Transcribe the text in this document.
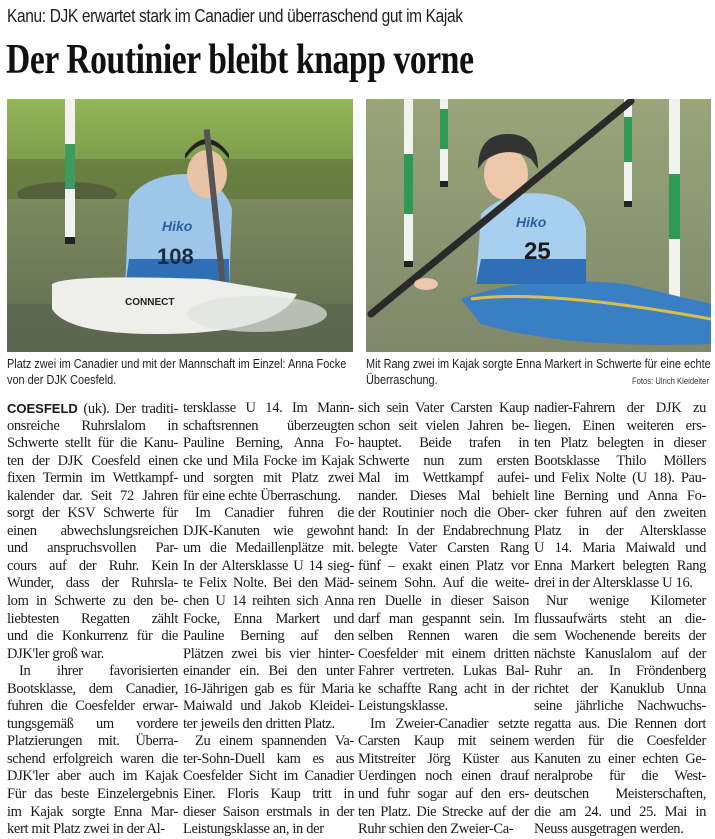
Kanu: DJK erwartet stark im Canadier und überraschend gut im Kajak
Der Routinier bleibt knapp vorne
108
Hiko
CONNECT
Hiko
25
Platz zwei im Canadier und mit der Mannschaft im Einzel: Anna Focke
von der DJK Coesfeld.
Mit Rang zwei im Kajak sorgte Enna Markert in Schwerte für eine echte
Überraschung.	Fotos: Ulrich Kleideiter
COESFELD (uk). Der traditi-
onsreiche Ruhrslalom in
Schwerte stellt für die Kanu-
ten der DJK Coesfeld einen
fixen Termin im Wettkampf-
kalender dar. Seit 72 Jahren
sorgt der KSV Schwerte für
einen abwechslungsreichen
und anspruchsvollen Par-
cours auf der Ruhr. Kein
Wunder, dass der Ruhrsla-
lom in Schwerte zu den be-
liebtesten Regatten zählt
und die Konkurrenz für die
DJK'ler groß war.
In ihrer favorisierten
Bootsklasse, dem Canadier,
fuhren die Coesfelder erwar-
tungsgemäß um vordere
Platzierungen mit. Überra-
schend erfolgreich waren die
DJK'ler aber auch im Kajak
Für das beste Einzelergebnis
im Kajak sorgte Enna Mar-
kert mit Platz zwei in der Al-
tersklasse U 14. Im Mann-
schaftsrennen überzeugten
Pauline Berning, Anna Fo-
cke und Mila Focke im Kajak
und sorgten mit Platz zwei
für eine echte Überraschung.
Im Canadier fuhren die
DJK-Kanuten wie gewohnt
um die Medaillenplätze mit.
In der Altersklasse U 14 sieg-
te Felix Nolte. Bei den Mäd-
chen U 14 reihten sich Anna
Focke, Enna Markert und
Pauline Berning auf den
Plätzen zwei bis vier hinter-
einander ein. Bei den unter
16-Jährigen gab es für Maria
Maiwald und Jakob Kleidei-
ter jeweils den dritten Platz.
Zu einem spannenden Va-
ter-Sohn-Duell kam es aus
Coesfelder Sicht im Canadier
Einer. Floris Kaup tritt in
dieser Saison erstmals in der
Leistungsklasse an, in der
sich sein Vater Carsten Kaup
schon seit vielen Jahren be-
hauptet. Beide trafen in
Schwerte nun zum ersten
Mal im Wettkampf aufei-
nander. Dieses Mal behielt
der Routinier noch die Ober-
hand: In der Endabrechnung
belegte Vater Carsten Rang
fünf – exakt einen Platz vor
seinem Sohn. Auf die weite-
ren Duelle in dieser Saison
darf man gespannt sein. Im
selben Rennen waren die
Coesfelder mit einem dritten
Fahrer vertreten. Lukas Bal-
ke schaffte Rang acht in der
Leistungsklasse.
Im Zweier-Canadier setzte
Carsten Kaup mit seinem
Mitstreiter Jörg Küster aus
Uerdingen noch einen drauf
und fuhr sogar auf den ers-
ten Platz. Die Strecke auf der
Ruhr schien den Zweier-Ca-
nadier-Fahrern der DJK zu
liegen. Einen weiteren ers-
ten Platz belegten in dieser
Bootsklasse Thilo Möllers
und Felix Nolte (U 18). Pau-
line Berning und Anna Fo-
cker fuhren auf den zweiten
Platz in der Altersklasse
U 14. Maria Maiwald und
Enna Markert belegten Rang
drei in der Altersklasse U 16.
Nur wenige Kilometer
flussaufwärts steht an die-
sem Wochenende bereits der
nächste Kanuslalom auf der
Ruhr an. In Fröndenberg
richtet der Kanuklub Unna
seine jährliche Nachwuchs-
regatta aus. Die Rennen dort
werden für die Coesfelder
Kanuten zu einer echten Ge-
neralprobe für die West-
deutschen Meisterschaften,
die am 24. und 25. Mai in
Neuss ausgetragen werden.
